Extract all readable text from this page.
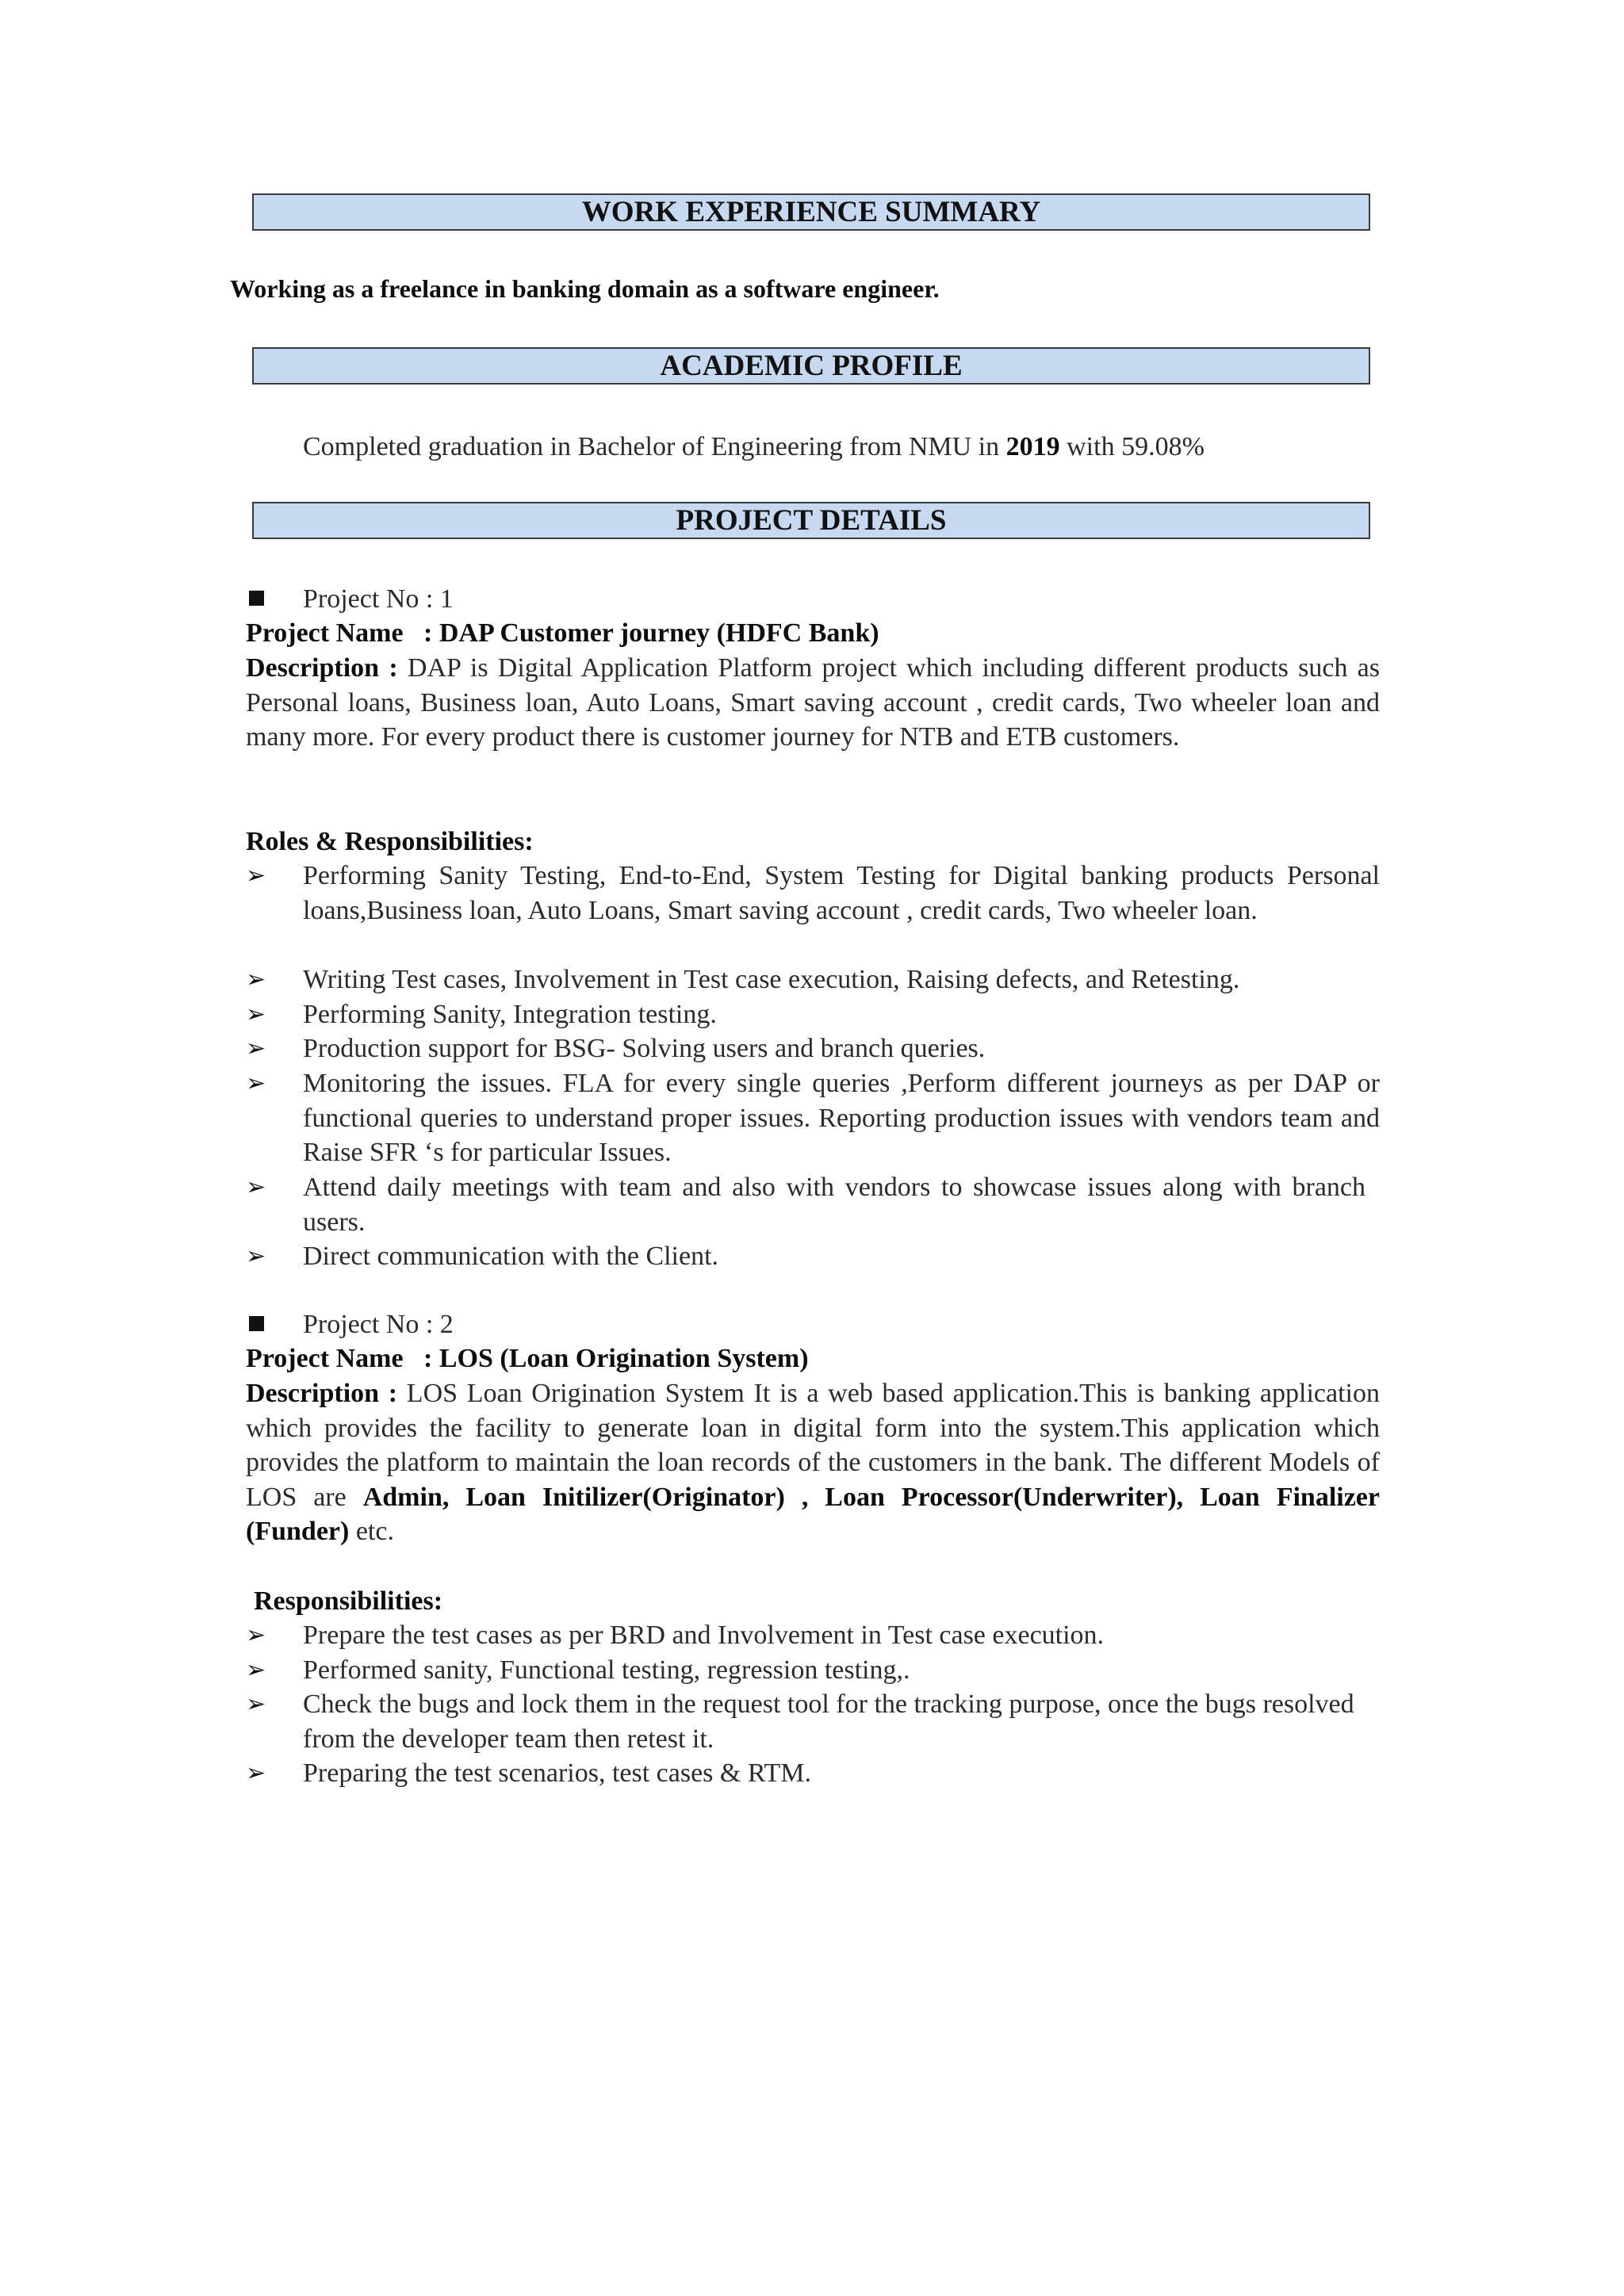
WORK EXPERIENCE SUMMARY
Working as a freelance in banking domain as a software engineer.
ACADEMIC PROFILE
Completed graduation in Bachelor of Engineering from NMU in 2019 with 59.08%
PROJECT DETAILS
Project No : 1
Project Name   : DAP Customer journey (HDFC Bank)
Description : DAP is Digital Application Platform project which including different products such as Personal loans, Business loan, Auto Loans, Smart saving account , credit cards, Two wheeler loan and many more. For every product there is customer journey for NTB and ETB customers.
Roles & Responsibilities:
➢ Performing Sanity Testing, End-to-End, System Testing for Digital banking products Personal loans,Business loan, Auto Loans, Smart saving account , credit cards, Two wheeler loan.
➢ Writing Test cases, Involvement in Test case execution, Raising defects, and Retesting.
➢ Performing Sanity, Integration testing.
➢ Production support for BSG- Solving users and branch queries.
➢ Monitoring the issues. FLA for every single queries ,Perform different journeys as per DAP or functional queries to understand proper issues. Reporting production issues with vendors team and Raise SFR ‘s for particular Issues.
➢ Attend daily meetings with team and also with vendors to showcase issues along with branch users.
➢ Direct communication with the Client.
Project No : 2
Project Name   : LOS (Loan Origination System)
Description : LOS Loan Origination System It is a web based application.This is banking application which provides the facility to generate loan in digital form into the system.This application which provides the platform to maintain the loan records of the customers in the bank. The different Models of LOS are Admin, Loan Initilizer(Originator) , Loan Processor(Underwriter), Loan Finalizer (Funder) etc.
Responsibilities:
➢ Prepare the test cases as per BRD and Involvement in Test case execution.
➢ Performed sanity, Functional testing, regression testing,.
➢ Check the bugs and lock them in the request tool for the tracking purpose, once the bugs resolved from the developer team then retest it.
➢ Preparing the test scenarios, test cases & RTM.
